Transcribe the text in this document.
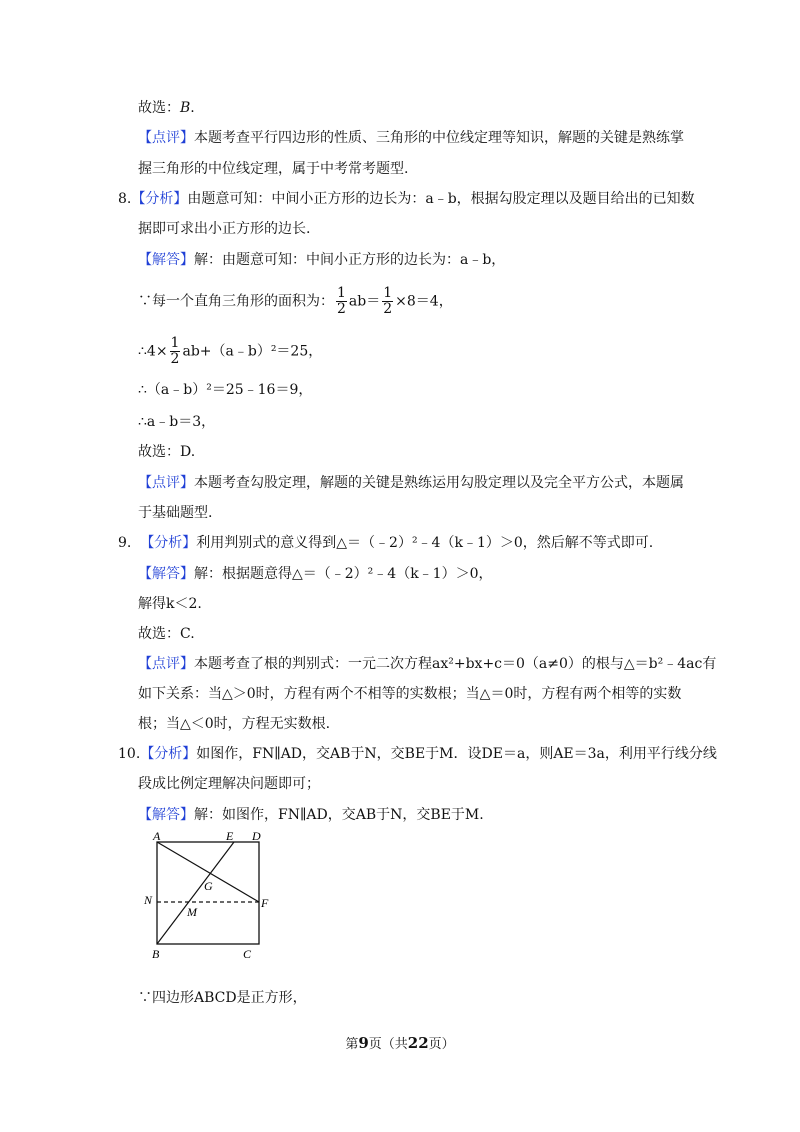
故选：B.
【点评】本题考查平行四边形的性质、三角形的中位线定理等知识，解题的关键是熟练掌
握三角形的中位线定理，属于中考常考题型.
8.【分析】由题意可知：中间小正方形的边长为：a﹣b，根据勾股定理以及题目给出的已知数
据即可求出小正方形的边长.
【解答】解：由题意可知：中间小正方形的边长为：a﹣b，
∵每一个直角三角形的面积为： $\frac{1}{2} ab= \frac{1}{2} \times 8=4$，
∴4× $\frac{1}{2}$ ab+（a﹣b）²＝25，
∴（a﹣b）²＝25﹣16＝9，
∴a﹣b＝3，
故选：D.
【点评】本题考查勾股定理，解题的关键是熟练运用勾股定理以及完全平方公式，本题属
于基础题型.
9. 【分析】利用判别式的意义得到△＝（﹣2）²﹣4（k﹣1）＞0，然后解不等式即可.
【解答】解：根据题意得△＝（﹣2）²﹣4（k﹣1）＞0，
解得k＜2.
故选：C.
【点评】本题考查了根的判别式：一元二次方程ax²+bx+c＝0（a≠0）的根与△＝b²﹣4ac有
如下关系：当△＞0时，方程有两个不相等的实数根；当△＝0时，方程有两个相等的实数
根；当△＜0时，方程无实数根.
10.【分析】如图作，FN∥AD，交AB于N，交BE于M．设DE＝a，则AE＝3a，利用平行线分线
段成比例定理解决问题即可；
【解答】解：如图作，FN∥AD，交AB于N，交BE于M.
A	E D
N
G
F
M
B	C
∵四边形ABCD是正方形，
第9页（共22页）
